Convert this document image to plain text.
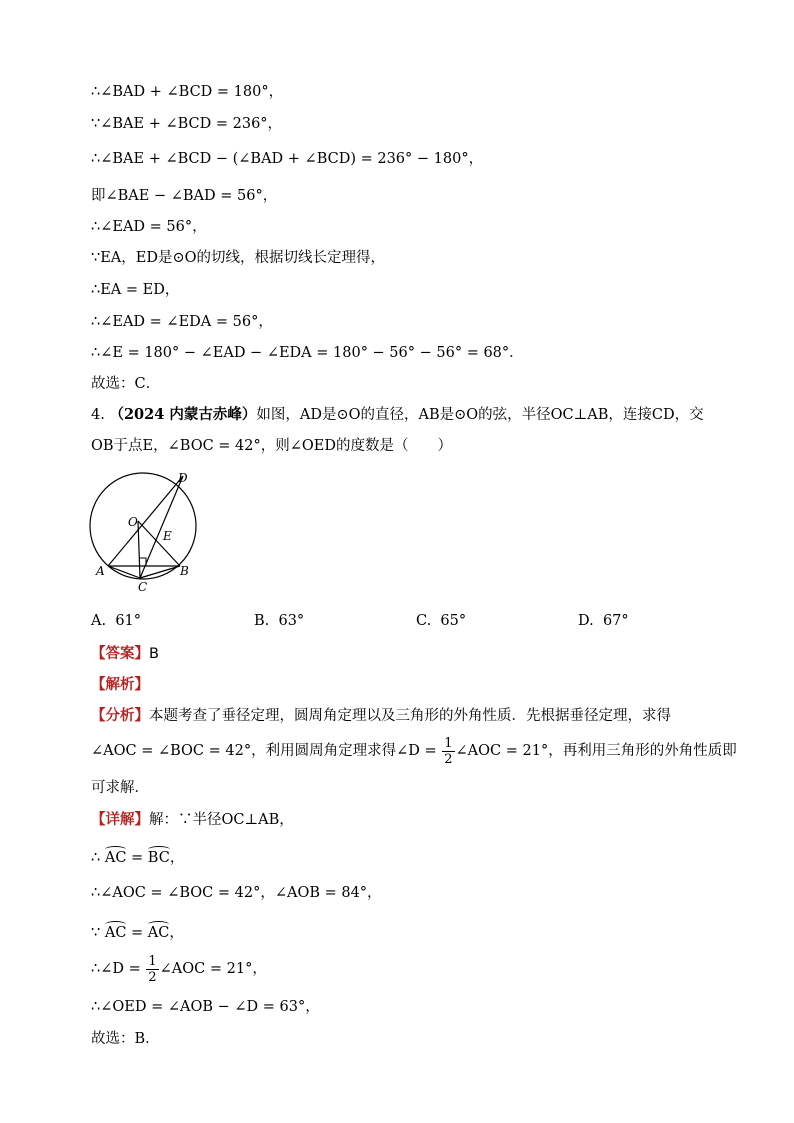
∴∠BAD + ∠BCD = 180°，
∵∠BAE + ∠BCD = 236°，
∴∠BAE + ∠BCD − (∠BAD + ∠BCD) = 236° − 180°，
即∠BAE − ∠BAD = 56°，
∴∠EAD = 56°，
∵EA，ED是⊙O的切线，根据切线长定理得，
∴EA = ED，
∴∠EAD = ∠EDA = 56°，
∴∠E = 180° − ∠EAD − ∠EDA = 180° − 56° − 56° = 68°．
故选：C．
4. （2024 内蒙古赤峰）如图，AD是⊙O的直径，AB是⊙O的弦，半径OC⊥AB，连接CD，交
OB于点E，∠BOC = 42°，则∠OED的度数是（　　）
D
O
E
A
C
B
A. 61°	B. 63°	C. 65°	D. 67°
【答案】B
【解析】
【分析】本题考查了垂径定理，圆周角定理以及三角形的外角性质．先根据垂径定理，求得
∠AOC = ∠BOC = 42°，利用圆周角定理求得∠D = $\frac{1}{2}$ ∠AOC = 21°，再利用三角形的外角性质即
可求解．
【详解】解：∵半径OC⊥AB，
∴ AC = BC，
∴∠AOC = ∠BOC = 42°，∠AOB = 84°，
∵ AC = AC，
∴∠D = $\frac{1}{2}$ ∠AOC = 21°，
∴∠OED = ∠AOB − ∠D = 63°，
故选：B．
